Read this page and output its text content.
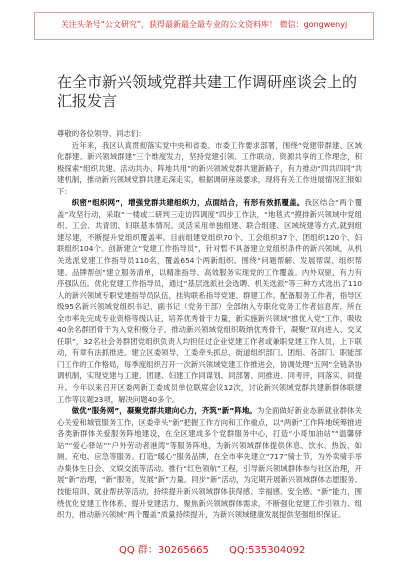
关注头条号“公文研究”，获得最新最全最专业的公文资料库！ 微信：gongwenyj
在全市新兴领域党群共建工作调研座谈会上的汇报发言

尊敬的各位领导、同志们：

近年来，我区认真贯彻落实党中央和省委、市委工作要求部署，围绕“党建带群建、区域化群建、新兴领域群建”三个维度发力，坚持党建引领、工作联动、资源共享的工作理念，积极探索“组织共建、活动共办、阵地共用”的新兴领域党群共建新路子，有力推动“四共四同”共建机制，推动新兴领域党群共建走深走实，根据调研座谈要求，现将有关工作进展情况汇报如下：

织密“组织网”，增强党群共建组织力，点面结合，有形有效抓覆盖。我区结合“两个覆盖”攻坚行动，采取“一楼或二研判三走访四调度”四步工作法，“地毯式”摸排新兴领域中党组织、工会、共青团、妇联基本情况。灵活采用单独组建、联合组建、区域统建等方式,就到组建尽建，不断提升党组织覆盖率。目前组建党组织70个、工会组织37个、团组织120个、妇联组织104个。创新建立“党建工作指导员”，针对暂不具备建立党组织条件的新兴领域，从机关选派党建工作指导员110名，覆盖654个两新组织。围绕“问题帮解、发展帮谋、组织帮建、品牌帮创”建立服务清单，以精准指导、高效服务实现党的工作覆盖。内外双驱，有力有序强队伍。优化党建工作指导员，通过“基层选派社会选聘、机关选派”等三种方式选出了110人的新兴领域专职党建指导员队伍，挂钩联系指导党建、群建工作。配备服务工作者，指导区级95名新兴领域党组织书记、副书记（党务干部）全部纳入专职化党务工作者信息库，所在全市率先完成专业资格等级认证，培养优秀骨干力量，新实施新兴领域“推优入党”工作，吸收40余名群团骨干为入党积极分子，推动新兴领域党组织吸纳优秀骨干，凝聚“双向进入、交叉任职”，32名社会务群团党组织负责人均担任过企业党建工作者或兼职党建工作人员，上下联动，有章有法抓推进。建立区委领导、工委牵头抓总，街道组织部门、团组、各部门、职能部门工作的工作格局，每季度组织召开一次新兴领域党建工作推进会，协调处理“五网”全链条协调机制，实现党建与工建、团建、妇建工作同谋划、同部署、同推进、同考评，同落实、同提升。今年以来召开区委两新工委成员单位联席会议12次，讨论新兴领域党群共建新群体联建工作等议题23项，解决问题40多个。

做优“服务网”，凝聚党群共建向心力，齐筑“新”阵地。为全面做好新业态新就业群体关心关爱和城管服务工作，区委牵头“新”把握工作方向和工作重点，以“两新”工作阵地统筹推进各类新群体关爱服务阵地建设，在全区建成多个党群服务中心，打造“小哥加油站”“温馨驿站”“爱心驿站”“户外劳动者港湾”等服务阵地，为新兴领域群体提供休息、饮水、热饭、如厕、充电、应急等服务。打造“暖心”服务品牌，在全市率先建立“717”骑士节，为外卖骑手举办集体生日会、文娱交流等活动。推行“红色领航”工程，引导新兴领域群体参与社区治理，开展“新”治理，“新”服务，发展“新”力量。同步“新”活动，为定期开展新兴领域群体志愿服务、技能培训、就业帮扶等活动，持续提升新兴领域群体获得感、幸福感、安全感。“新”能力，围绕优化党建工作体系、提升党建活力、聚焦新兴领域群体需求，不断强化党建工作引领力、组织力，推动新兴领域“两个覆盖”质量持续提升，为新兴领域健康发展提供坚强组织保证。

QQ 群：30265665 QQ:535304092
